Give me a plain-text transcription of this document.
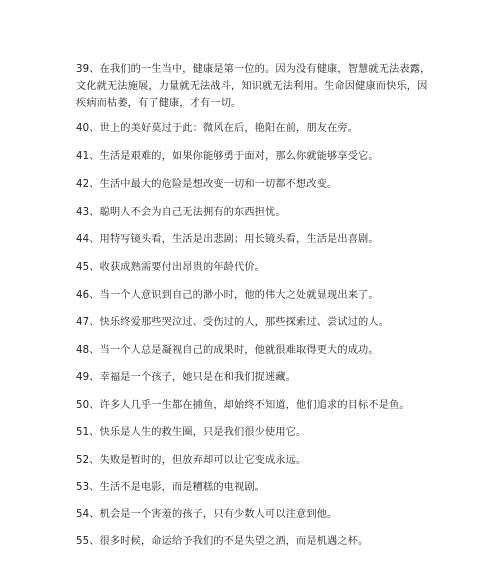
39、在我们的一生当中，健康是第一位的。因为没有健康，智慧就无法表露，
文化就无法施展，力量就无法战斗，知识就无法利用。生命因健康而快乐，因
疾病而枯萎，有了健康，才有一切。
40、世上的美好莫过于此：微风在后，艳阳在前，朋友在旁。
41、生活是艰难的，如果你能够勇于面对，那么你就能够享受它。
42、生活中最大的危险是想改变一切和一切都不想改变。
43、聪明人不会为自己无法拥有的东西担忧。
44、用特写镜头看，生活是出悲剧；用长镜头看，生活是出喜剧。
45、收获成熟需要付出昂贵的年龄代价。
46、当一个人意识到自己的渺小时，他的伟大之处就显现出来了。
47、快乐终爱那些哭泣过、受伤过的人，那些探索过、尝试过的人。
48、当一个人总是凝视自己的成果时，他就很难取得更大的成功。
49、幸福是一个孩子，她只是在和我们捉迷藏。
50、许多人几乎一生都在捕鱼，却始终不知道，他们追求的目标不是鱼。
51、快乐是人生的救生圈，只是我们很少使用它。
52、失败是暂时的，但放弃却可以让它变成永远。
53、生活不是电影，而是糟糕的电视剧。
54、机会是一个害羞的孩子，只有少数人可以注意到他。
55、很多时候，命运给予我们的不是失望之酒，而是机遇之杯。
